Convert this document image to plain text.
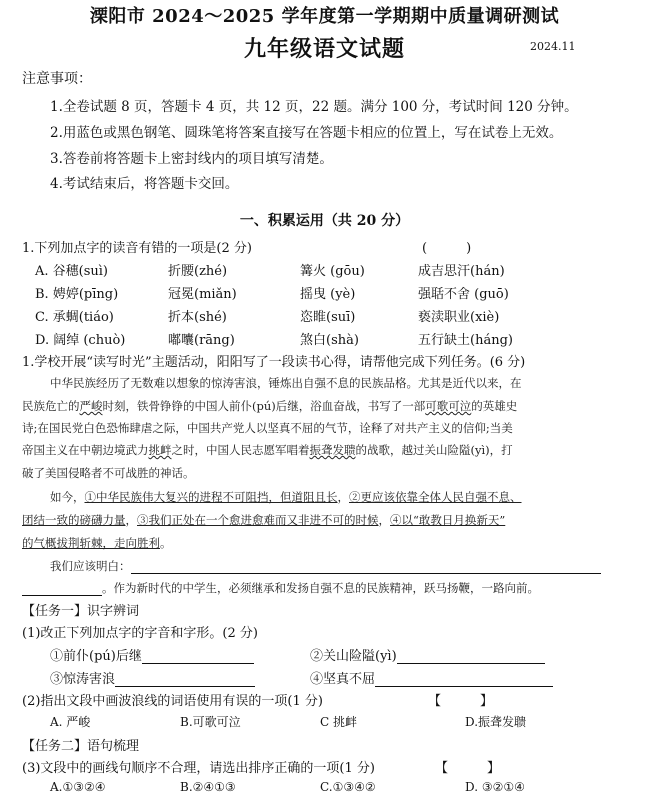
溧阳市 2024～2025 学年度第一学期期中质量调研测试
九年级语文试题	2024.11
注意事项：
1.全卷试题 8 页，答题卡 4 页，共 12 页，22 题。满分 100 分，考试时间 120 分钟。
2.用蓝色或黑色钢笔、圆珠笔将答案直接写在答题卡相应的位置上，写在试卷上无效。
3.答卷前将答题卡上密封线内的项目填写清楚。
4.考试结束后，将答题卡交回。
一、积累运用（共 20 分）
1.下列加点字的读音有错的一项是(2 分)	(　　　)
A. 谷穗(suì)	折腰(zhé)	篝火 (gōu)	成吉思汗(hán)
B. 娉婷(pīng)	冠冕(miǎn)	摇曳 (yè)	强聒不舍 (guō)
C. 承蜩(tiáo)	折本(shé)	恣睢(suī)	亵渎职业(xiè)
D. 阔绰 (chuò)	嘟囔(rāng)	煞白(shà)	五行缺土(háng)
1.学校开展“读写时光”主题活动，阳阳写了一段读书心得，请帮他完成下列任务。(6 分)
中华民族经历了无数难以想象的惊涛害浪，锤炼出自强不息的民族品格。尤其是近代以来，在
民族危亡的严峻时刻，铁骨铮铮的中国人前仆(pú)后继，浴血奋战，书写了一部可歌可泣的英雄史
诗;在国民党白色恐怖肆虐之际，中国共产党人以坚真不屈的气节，诠释了对共产主义的信仰;当美
帝国主义在中朝边境武力挑衅之时，中国人民志愿军唱着振聋发聩的战歌，越过关山险隘(yì)，打
破了美国侵略者不可战胜的神话。
如今，①中华民族伟大复兴的进程不可阻挡，但道阻且长，②更应该依靠全体人民自强不息、
团结一致的磅礴力量，③我们正处在一个愈进愈难而又非进不可的时候，④以“敢教日月换新天”
的气概拔荆斩棘，走向胜利。
我们应该明白：
。作为新时代的中学生，必须继承和发扬自强不息的民族精神，跃马扬鞭，一路向前。
【任务一】识字辨词
(1)改正下列加点字的字音和字形。(2 分)
①前仆(pú)后继	②关山险隘(yì)
③惊涛害浪	④坚真不屈
(2)指出文段中画波浪线的词语使用有误的一项(1 分)	【　　　】
A. 严峻	B.可歌可泣	C 挑衅	D.振聋发聩
【任务二】语句梳理
(3)文段中的画线句顺序不合理，请选出排序正确的一项(1 分)	【　　　】
A.①③②④	B.②④①③	C.①③④②	D. ③②①④
